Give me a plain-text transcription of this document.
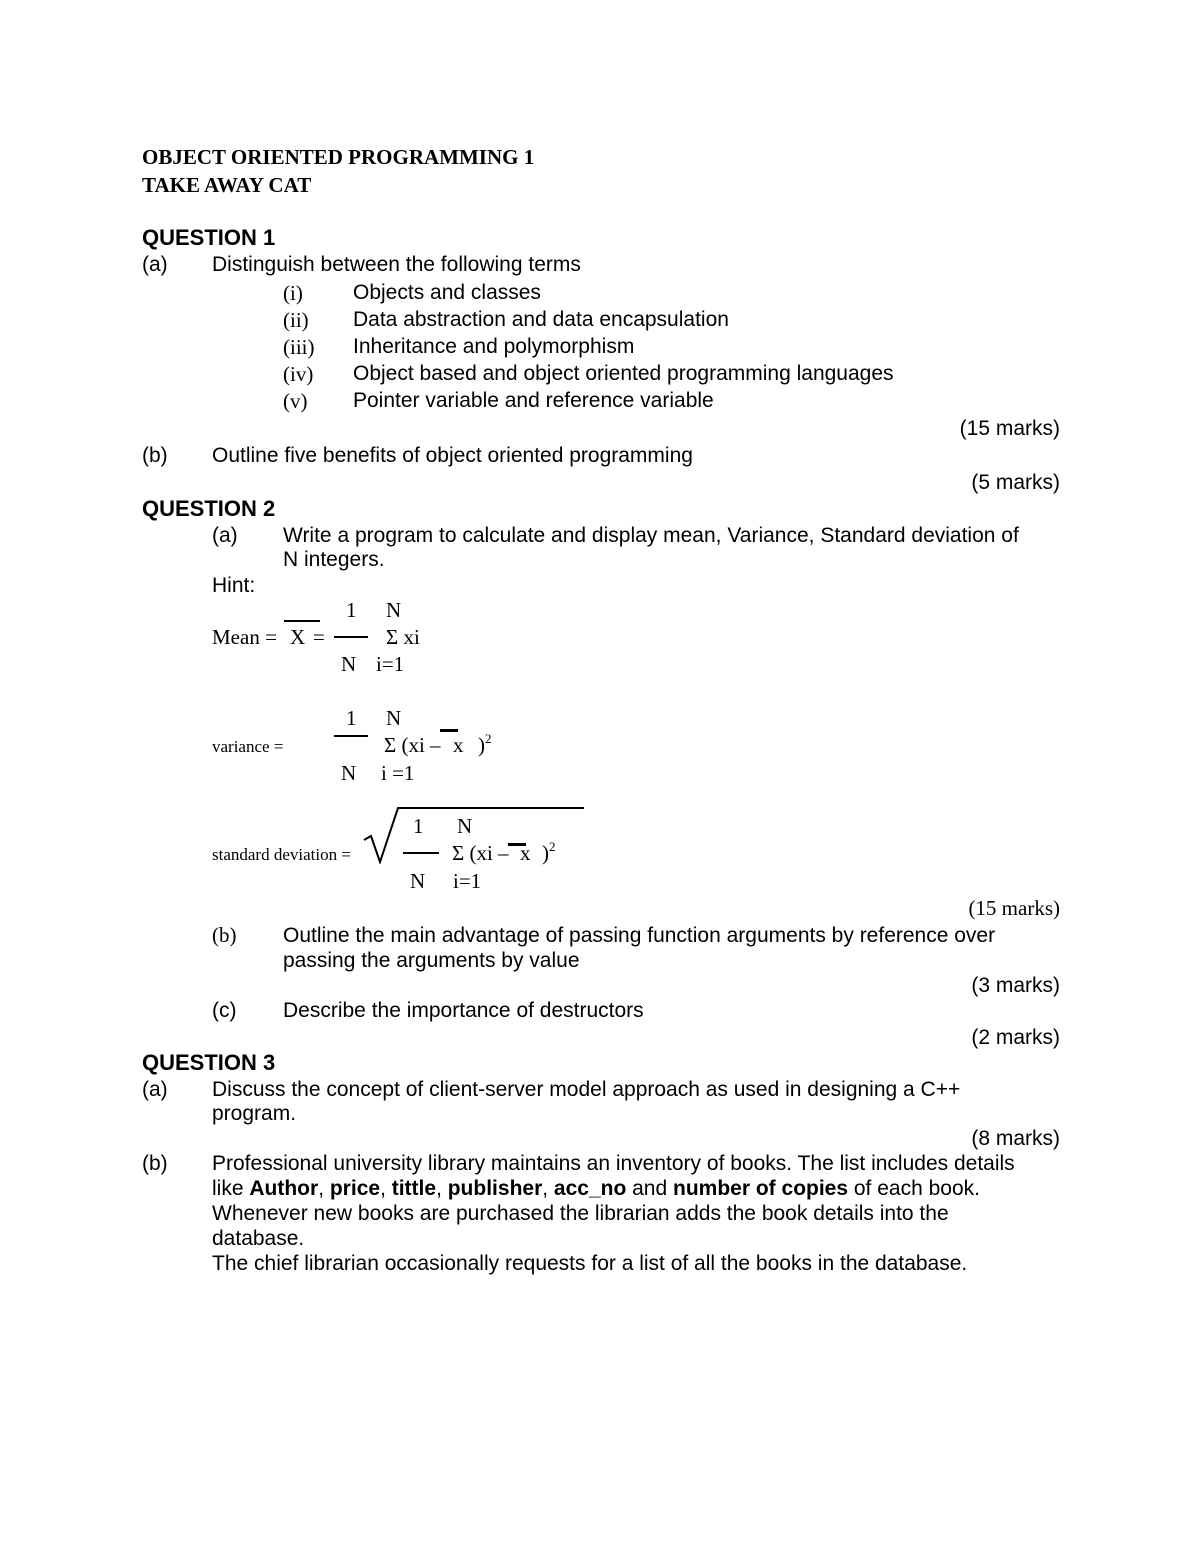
OBJECT ORIENTED PROGRAMMING 1
TAKE AWAY CAT
QUESTION 1
(a) Distinguish between the following terms
(i) Objects and classes
(ii) Data abstraction and data encapsulation
(iii) Inheritance and polymorphism
(iv) Object based and object oriented programming languages
(v) Pointer variable and reference variable
(15 marks)
(b) Outline five benefits of object oriented programming
(5 marks)
QUESTION 2
(a) Write a program to calculate and display mean, Variance, Standard deviation of
N integers.
Hint:
1 N
Mean = X =	Σ xi
N i=1
1 N
variance =	Σ (xi – x ) 2
N i =1
1 N
standard deviation =	Σ (xi – x ) 2
N i=1
(15 marks)
(b) Outline the main advantage of passing function arguments by reference over
passing the arguments by value
(3 marks)
(c) Describe the importance of destructors
(2 marks)
QUESTION 3
(a) Discuss the concept of client-server model approach as used in designing a C++
program.
(8 marks)
(b) Professional university library maintains an inventory of books. The list includes details
like Author, price, tittle, publisher, acc_no and number of copies of each book.
Whenever new books are purchased the librarian adds the book details into the
database.
The chief librarian occasionally requests for a list of all the books in the database.
